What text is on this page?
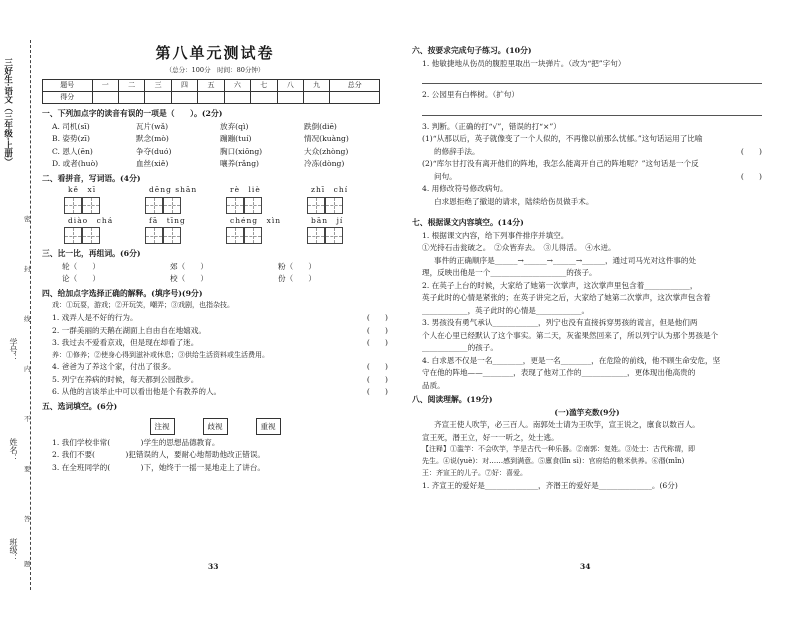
三好生·语文（三年级·上册）
学号：
姓名：
班级：
密
封
线
内
不
要
答
题
第八单元测试卷
（总分：100分　时间：80分钟）
题号	一	二	三	四	五	六	七	八	九	总分
得分										
一、下列加点字的读音有误的一项是（　　）。(2分)
A. 司机(sī)	瓦片(wǎ)	放弃(qì)	跌倒(diē)
B. 姿势(zī)	默念(mò)	蹦蹦(tuí)	情况(kuàng)
C. 恩人(ēn)	争夺(duó)	胸口(xiōng)	大众(zhòng)
D. 或者(huò)	血丝(xiě)	嚷养(rǎng)	冷冻(dòng)
二、看拼音，写词语。(4分)
kě　xī	dēng shān	rè　liè	zhī　chí
diào　chá	fā　tīng	chéng　xìn	bān　jí
三、比一比，再组词。(6分)
轮（　　）	郊（　　）	粉（　　）
论（　　）	校（　　）	份（　　）
四、给加点字选择正确的解释。(填序号)(9分)
戏：①玩耍，游戏；②开玩笑，嘲弄；③戏剧，也指杂技。
1. 戏弄人是不好的行为。	(　　)
2. 一群美丽的天鹅在湖面上自由自在地嬉戏。	(　　)
3. 我过去不爱看京戏，但是现在却看了迷。	(　　)
养：①修养；②使身心得到滋补或休息；③供给生活资料或生活费用。
4. 爸爸为了养这个家，付出了很多。	(　　)
5. 列宁在养病的时候，每天都到公园散步。	(　　)
6. 从他的言谈举止中可以看出他是个有教养的人。	(　　)
五、选词填空。(6分)
注视	歧视	重视
1. 我们学校非常(　　　　)学生的思想品德教育。
2. 我们不要(　　　　)犯错误的人，要耐心地帮助他改正错误。
3. 在全班同学的(　　　　)下，她终于一摇一晃地走上了讲台。
33
六、按要求完成句子练习。(10分)
1. 他敏捷地从伤员的腹腔里取出一块弹片。（改为“把”字句）
2. 公园里有白桦树。（扩句）
3. 判断。（正确的打“√”，错误的打“×”）
(1)“从那以后，英子就像变了一个人似的，不再像以前那么忧郁。”这句话运用了比喻
的修辞手法。	(　　)
(2)“库尔甘打没有离开他们的阵地，我怎么能离开自己的阵地呢？”这句话是一个反
问句。	(　　)
4. 用修改符号修改病句。
白求恩拒绝了撤退的请求，陆续给伤员做手术。
七、根据课文内容填空。(14分)
1. 根据课文内容，给下列事件排序并填空。
①光持石击瓮破之。　②众皆弃去。　③儿得活。　④水迸。
事件的正确顺序是______→______→______→______，通过司马光对这件事的处
理，反映出他是一个____________________的孩子。
2. 在英子上台的时候，大家给了她第一次掌声，这次掌声里包含着____________，
英子此时的心情是紧张的；在英子讲完之后，大家给了她第二次掌声，这次掌声包含着
____________，英子此时的心情是____________。
3. 男孩没有勇气承认____________，列宁也没有直接拆穿男孩的谎言，但是他们两
个人在心里已经默认了这个事实。第二天，灰雀果然回来了，所以列宁认为那个男孩是个
____________的孩子。
4. 白求恩不仅是一名________，更是一名________，在危险的前线，他不顾生命安危，坚
守在他的阵地——________，表现了他对工作的____________，更体现出他高贵的
品质。
八、阅读理解。(19分)
(一)滥竽充数(9分)
齐宣王使人吹竽，必三百人。南郭处士请为王吹竽，宣王说之，廪食以数百人。
宣王死，湣王立，好一一听之，处士逃。
【注释】①滥竽：不会吹竽，竽是古代一种乐器。②南郭：复姓。③处士：古代称谓，即
先生。④说(yuè)：对……感到满意。⑤廪食(lǐn sì)：官府给的粮米供养。⑥湣(mǐn)
王：齐宣王的儿子。⑦好：喜爱。
1. 齐宣王的爱好是______________，齐湣王的爱好是______________。(6分)
34
